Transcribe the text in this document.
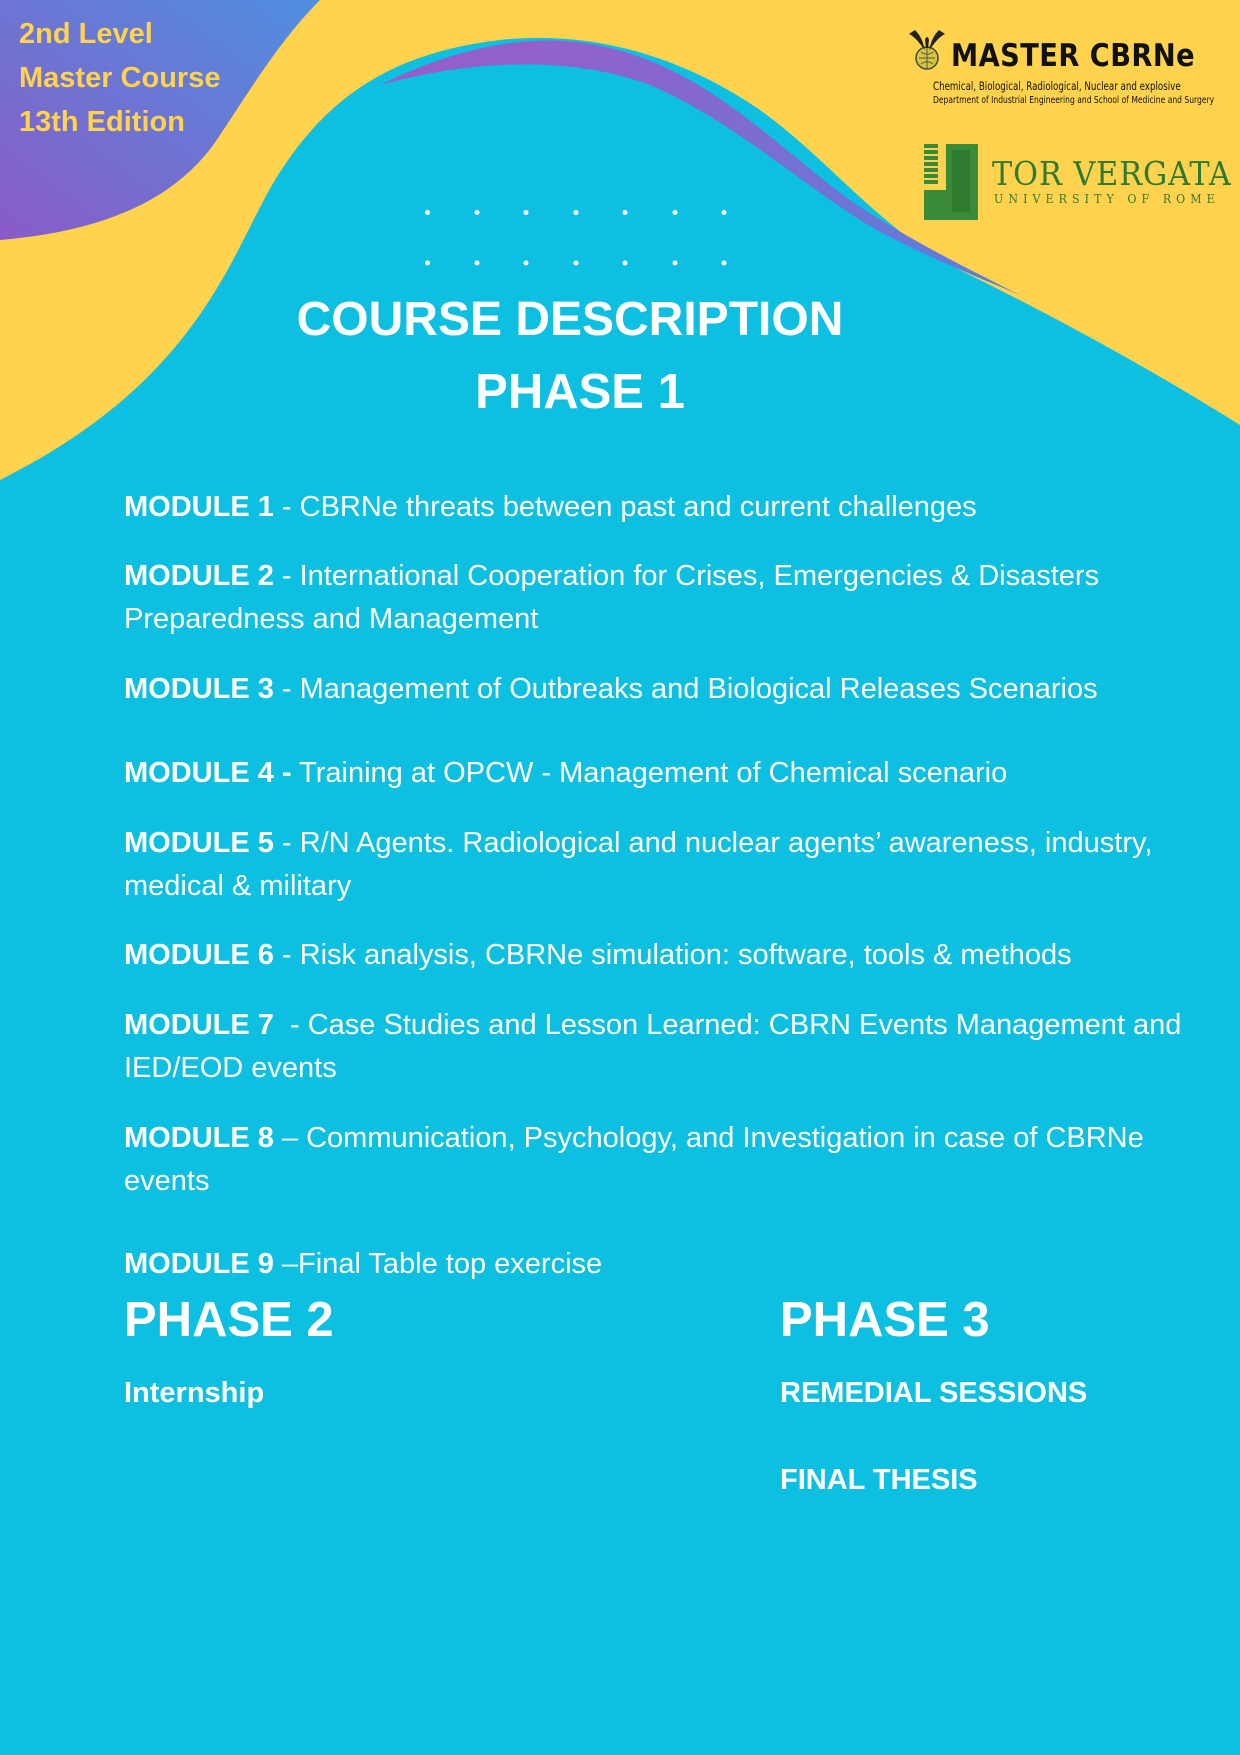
2nd Level
Master Course
13th Edition
MASTER CBRNe
Chemical, Biological, Radiological, Nuclear and explosive
Department of Industrial Engineering and School of Medicine and Surgery
TOR VERGATA
UNIVERSITY OF ROME
COURSE DESCRIPTION
PHASE 1
MODULE 1 - CBRNe threats between past and current challenges
MODULE 2 - International Cooperation for Crises, Emergencies & Disasters Preparedness and Management
MODULE 3 - Management of Outbreaks and Biological Releases Scenarios
MODULE 4 - Training at OPCW - Management of Chemical scenario
MODULE 5 - R/N Agents. Radiological and nuclear agents’ awareness, industry, medical & military
MODULE 6 - Risk analysis, CBRNe simulation: software, tools & methods
MODULE 7  - Case Studies and Lesson Learned: CBRN Events Management and IED/EOD events
MODULE 8 – Communication, Psychology, and Investigation in case of CBRNe events
MODULE 9 –Final Table top exercise
PHASE 2
Internship
PHASE 3
REMEDIAL SESSIONS
FINAL THESIS
